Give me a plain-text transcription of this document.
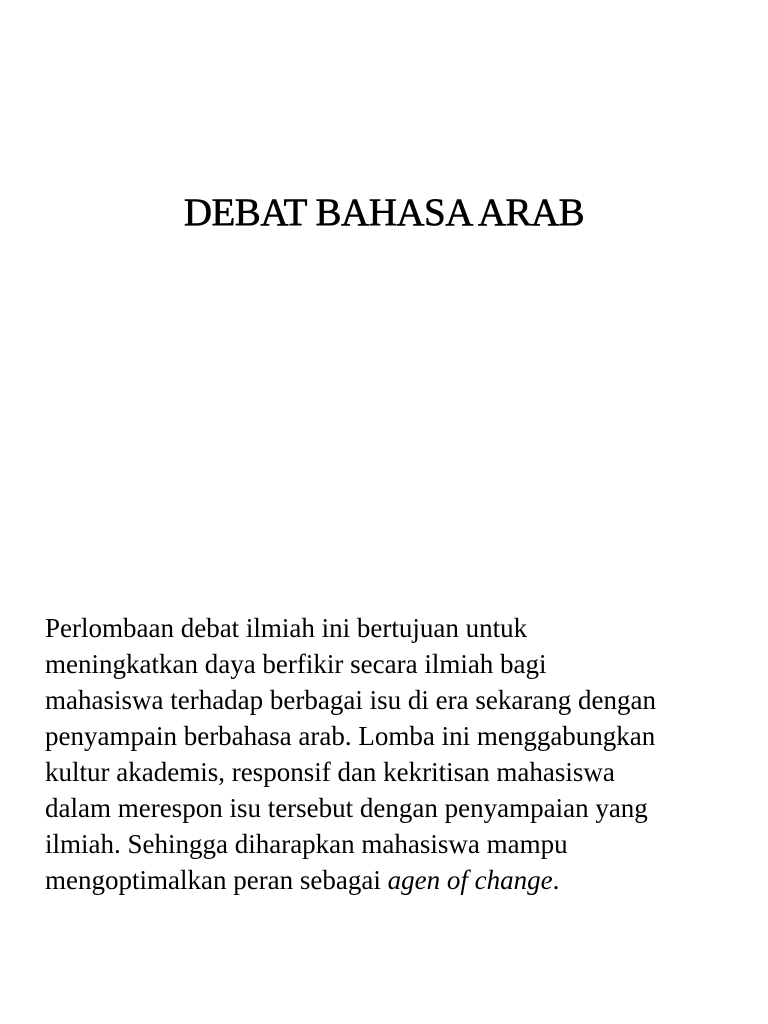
DEBAT BAHASA ARAB
Perlombaan debat ilmiah ini bertujuan untuk
meningkatkan daya berfikir secara ilmiah bagi
mahasiswa terhadap berbagai isu di era sekarang dengan
penyampain berbahasa arab. Lomba ini menggabungkan
kultur akademis, responsif dan kekritisan mahasiswa
dalam merespon isu tersebut dengan penyampaian yang
ilmiah. Sehingga diharapkan mahasiswa mampu
mengoptimalkan peran sebagai agen of change.
